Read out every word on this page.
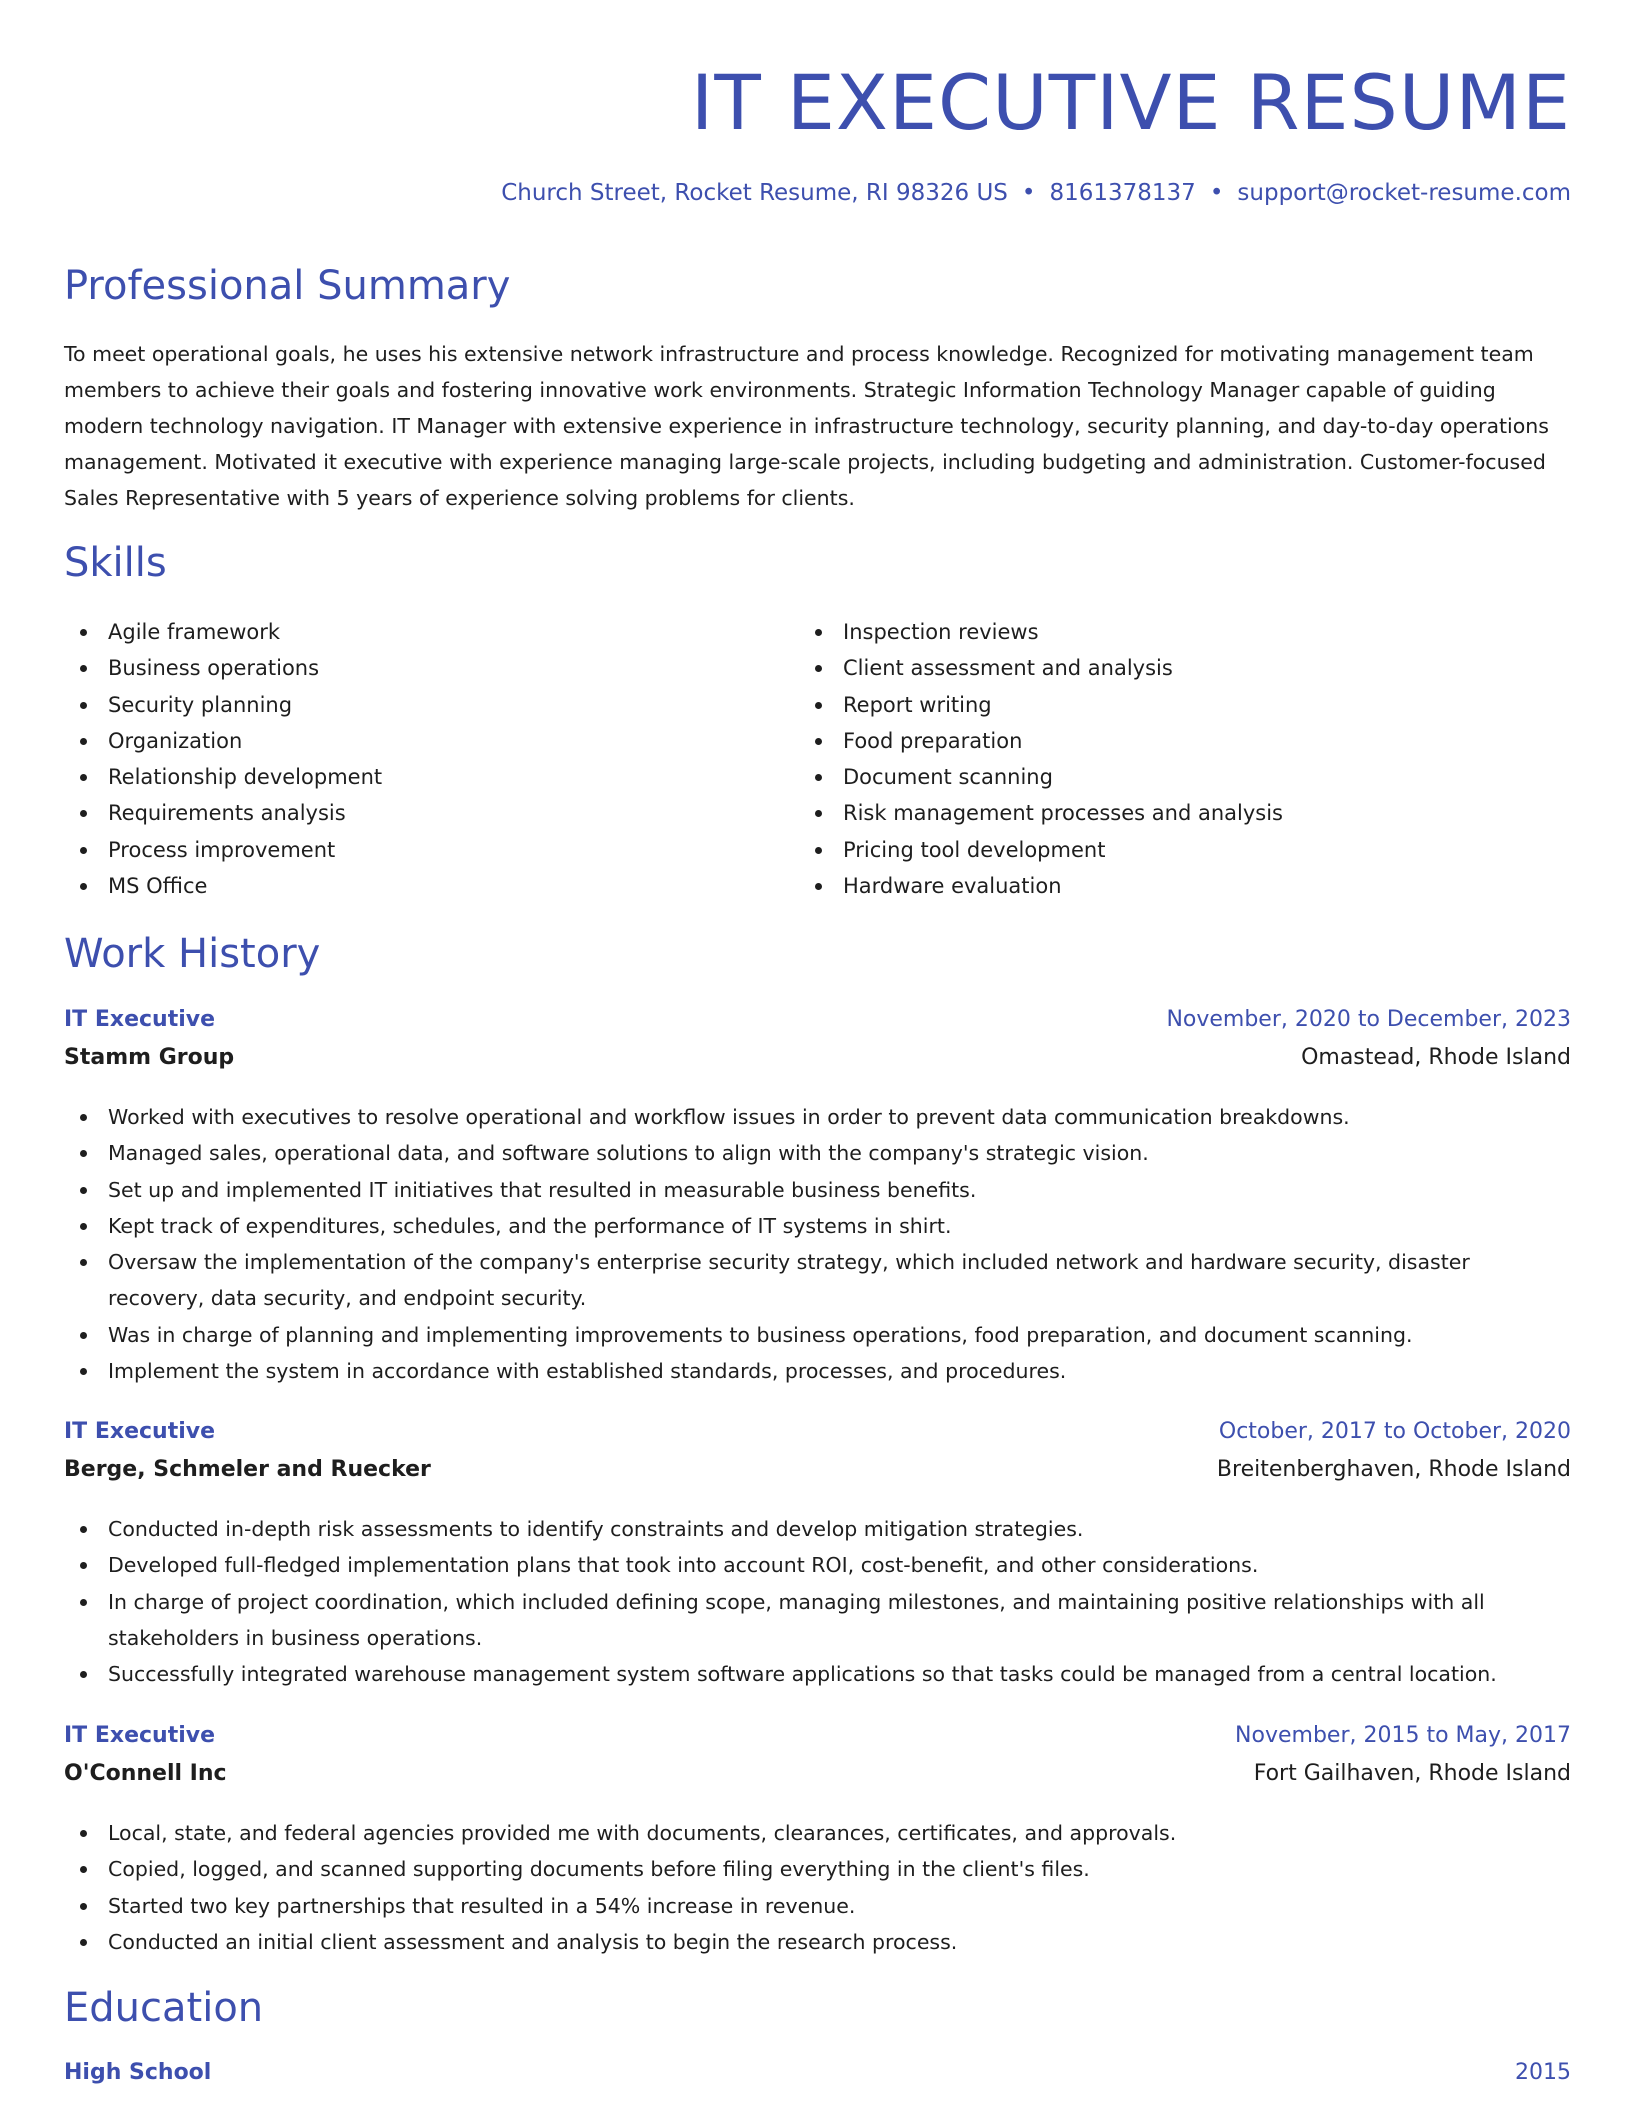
IT EXECUTIVE RESUME
Church Street, Rocket Resume, RI 98326 US • 8161378137 • support@rocket-resume.com
Professional Summary

To meet operational goals, he uses his extensive network infrastructure and process knowledge. Recognized for motivating management team members to achieve their goals and fostering innovative work environments. Strategic Information Technology Manager capable of guiding modern technology navigation. IT Manager with extensive experience in infrastructure technology, security planning, and day-to-day operations management. Motivated it executive with experience managing large-scale projects, including budgeting and administration. Customer-focused Sales Representative with 5 years of experience solving problems for clients.

Skills
Agile framework
Business operations
Security planning
Organization
Relationship development
Requirements analysis
Process improvement
MS Office
Inspection reviews
Client assessment and analysis
Report writing
Food preparation
Document scanning
Risk management processes and analysis
Pricing tool development
Hardware evaluation
Work History
IT Executive	November, 2020 to December, 2023
Stamm Group	Omastead, Rhode Island
Worked with executives to resolve operational and workflow issues in order to prevent data communication breakdowns.
Managed sales, operational data, and software solutions to align with the company's strategic vision.
Set up and implemented IT initiatives that resulted in measurable business benefits.
Kept track of expenditures, schedules, and the performance of IT systems in shirt.
Oversaw the implementation of the company's enterprise security strategy, which included network and hardware security, disaster recovery, data security, and endpoint security.
Was in charge of planning and implementing improvements to business operations, food preparation, and document scanning.
Implement the system in accordance with established standards, processes, and procedures.
IT Executive	October, 2017 to October, 2020
Berge, Schmeler and Ruecker	Breitenberghaven, Rhode Island
Conducted in-depth risk assessments to identify constraints and develop mitigation strategies.
Developed full-fledged implementation plans that took into account ROI, cost-benefit, and other considerations.
In charge of project coordination, which included defining scope, managing milestones, and maintaining positive relationships with all stakeholders in business operations.
Successfully integrated warehouse management system software applications so that tasks could be managed from a central location.
IT Executive	November, 2015 to May, 2017
O'Connell Inc	Fort Gailhaven, Rhode Island
Local, state, and federal agencies provided me with documents, clearances, certificates, and approvals.
Copied, logged, and scanned supporting documents before filing everything in the client's files.
Started two key partnerships that resulted in a 54% increase in revenue.
Conducted an initial client assessment and analysis to begin the research process.
Education
High School	2015
